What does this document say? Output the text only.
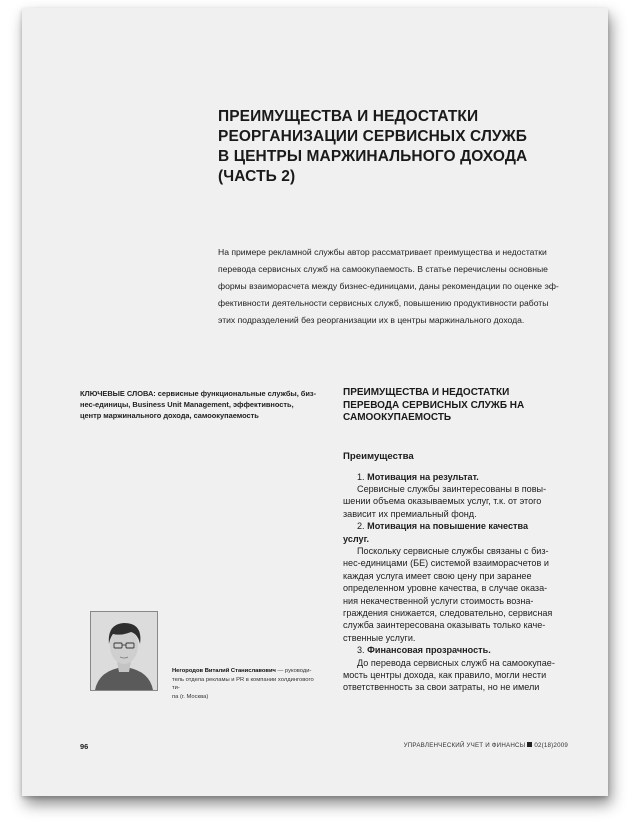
ПРЕИМУЩЕСТВА И НЕДОСТАТКИ
РЕОРГАНИЗАЦИИ СЕРВИСНЫХ СЛУЖБ
В ЦЕНТРЫ МАРЖИНАЛЬНОГО ДОХОДА
(ЧАСТЬ 2)
На примере рекламной службы автор рассматривает преимущества и недостатки
перевода сервисных служб на самоокупаемость. В статье перечислены основные
формы взаиморасчета между бизнес-единицами, даны рекомендации по оценке эф-
фективности деятельности сервисных служб, повышению продуктивности работы
этих подразделений без реорганизации их в центры маржинального дохода.
КЛЮЧЕВЫЕ СЛОВА: сервисные функциональные службы, биз-
нес-единицы, Business Unit Management, эффективность,
центр маржинального дохода, самоокупаемость
Негородов Виталий Станиславович — руководи-
тель отдела рекламы и PR в компании холдингового ти-
па (г. Москва)
ПРЕИМУЩЕСТВА И НЕДОСТАТКИ
ПЕРЕВОДА СЕРВИСНЫХ СЛУЖБ НА
САМООКУПАЕМОСТЬ
Преимущества

1. Мотивация на результат.

Сервисные службы заинтересованы в повы-

шении объема оказываемых услуг, т.к. от этого
зависит их премиальный фонд.

2. Мотивация на повышение качества

услуг.

Поскольку сервисные службы связаны с биз-

нес-единицами (БЕ) системой взаиморасчетов и
каждая услуга имеет свою цену при заранее
определенном уровне качества, в случае оказа-
ния некачественной услуги стоимость возна-
граждения снижается, следовательно, сервисная
служба заинтересована оказывать только каче-
ственные услуги.

3. Финансовая прозрачность.

До перевода сервисных служб на самоокупае-

мость центры дохода, как правило, могли нести
ответственность за свои затраты, но не имели
96	УПРАВЛЕНЧЕСКИЙ УЧЕТ И ФИНАНСЫ 02(18)2009
